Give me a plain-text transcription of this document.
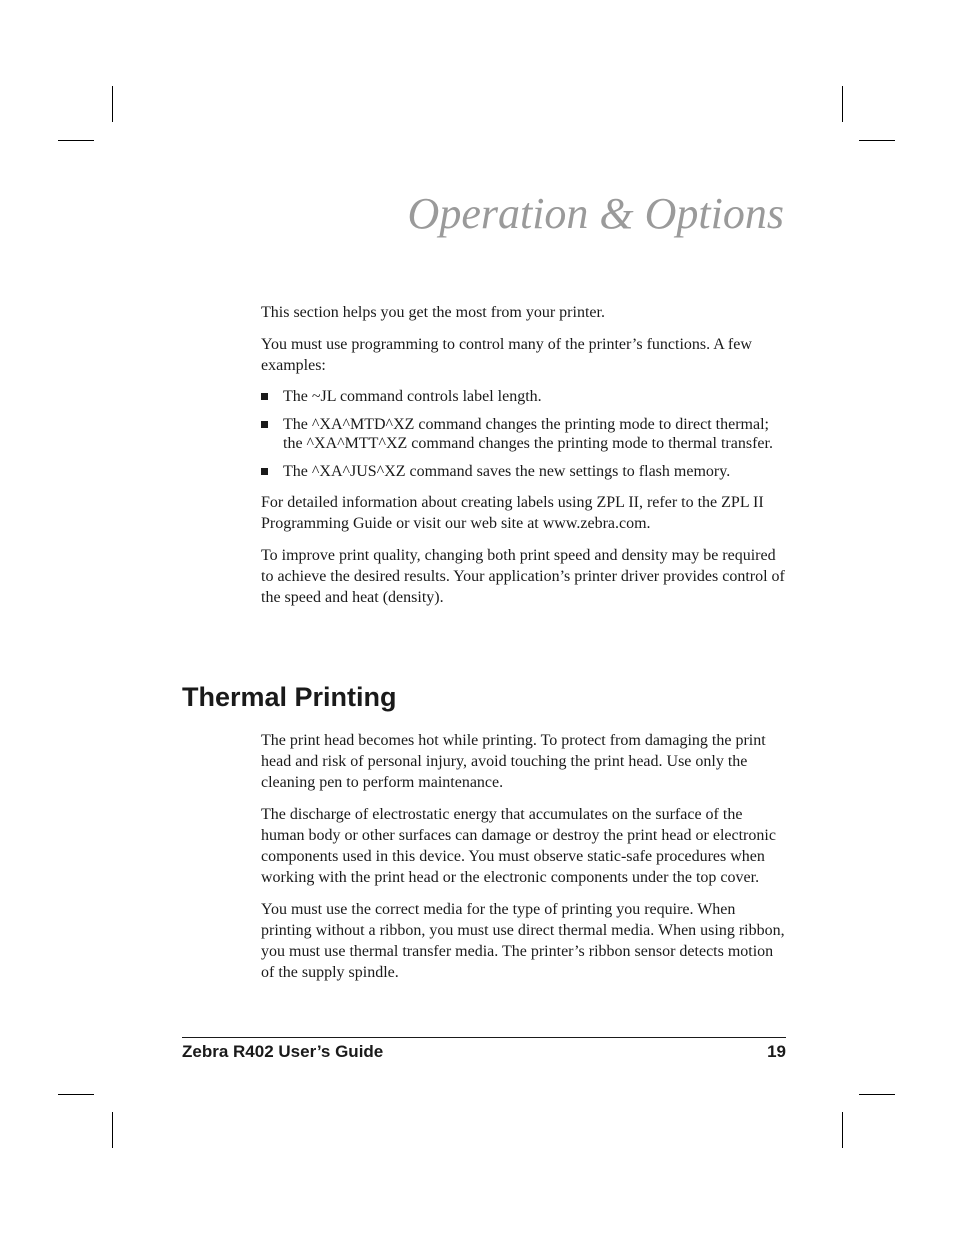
Operation & Options

This section helps you get the most from your printer.

You must use programming to control many of the printer’s functions. A few examples:

The ~JL command controls label length.
The ^XA^MTD^XZ command changes the printing mode to direct thermal; the ^XA^MTT^XZ command changes the printing mode to thermal transfer.
The ^XA^JUS^XZ command saves the new settings to flash memory.

For detailed information about creating labels using ZPL II, refer to the ZPL II Programming Guide or visit our web site at www.zebra.com.

To improve print quality, changing both print speed and density may be required to achieve the desired results. Your application’s printer driver provides control of the speed and heat (density).

Thermal Printing

The print head becomes hot while printing. To protect from damaging the print head and risk of personal injury, avoid touching the print head. Use only the cleaning pen to perform maintenance.

The discharge of electrostatic energy that accumulates on the surface of the human body or other surfaces can damage or destroy the print head or electronic components used in this device. You must observe static-safe procedures when working with the print head or the electronic components under the top cover.

You must use the correct media for the type of printing you require. When printing without a ribbon, you must use direct thermal media. When using ribbon, you must use thermal transfer media. The printer’s ribbon sensor detects motion of the supply spindle.

Zebra R402 User’s Guide	19
